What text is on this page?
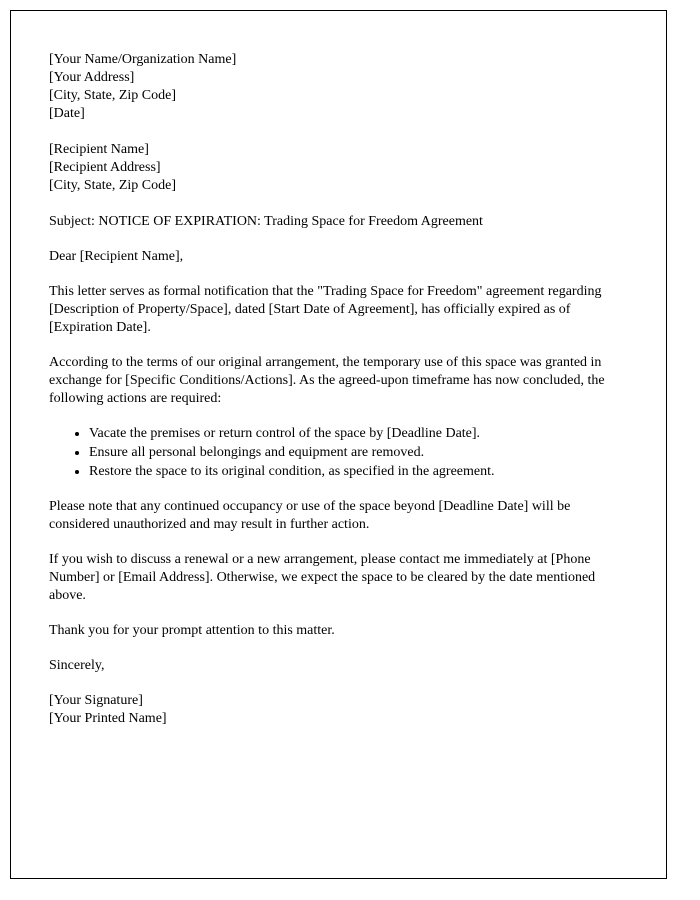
[Your Name/Organization Name]

[Your Address]

[City, State, Zip Code]

[Date]

[Recipient Name]

[Recipient Address]

[City, State, Zip Code]

Subject: NOTICE OF EXPIRATION: Trading Space for Freedom Agreement

Dear [Recipient Name],

This letter serves as formal notification that the "Trading Space for Freedom" agreement regarding [Description of Property/Space], dated [Start Date of Agreement], has officially expired as of [Expiration Date].

According to the terms of our original arrangement, the temporary use of this space was granted in exchange for [Specific Conditions/Actions]. As the agreed-upon timeframe has now concluded, the following actions are required:

• Vacate the premises or return control of the space by [Deadline Date].
• Ensure all personal belongings and equipment are removed.
• Restore the space to its original condition, as specified in the agreement.

Please note that any continued occupancy or use of the space beyond [Deadline Date] will be considered unauthorized and may result in further action.

If you wish to discuss a renewal or a new arrangement, please contact me immediately at [Phone Number] or [Email Address]. Otherwise, we expect the space to be cleared by the date mentioned above.

Thank you for your prompt attention to this matter.

Sincerely,

[Your Signature]

[Your Printed Name]
